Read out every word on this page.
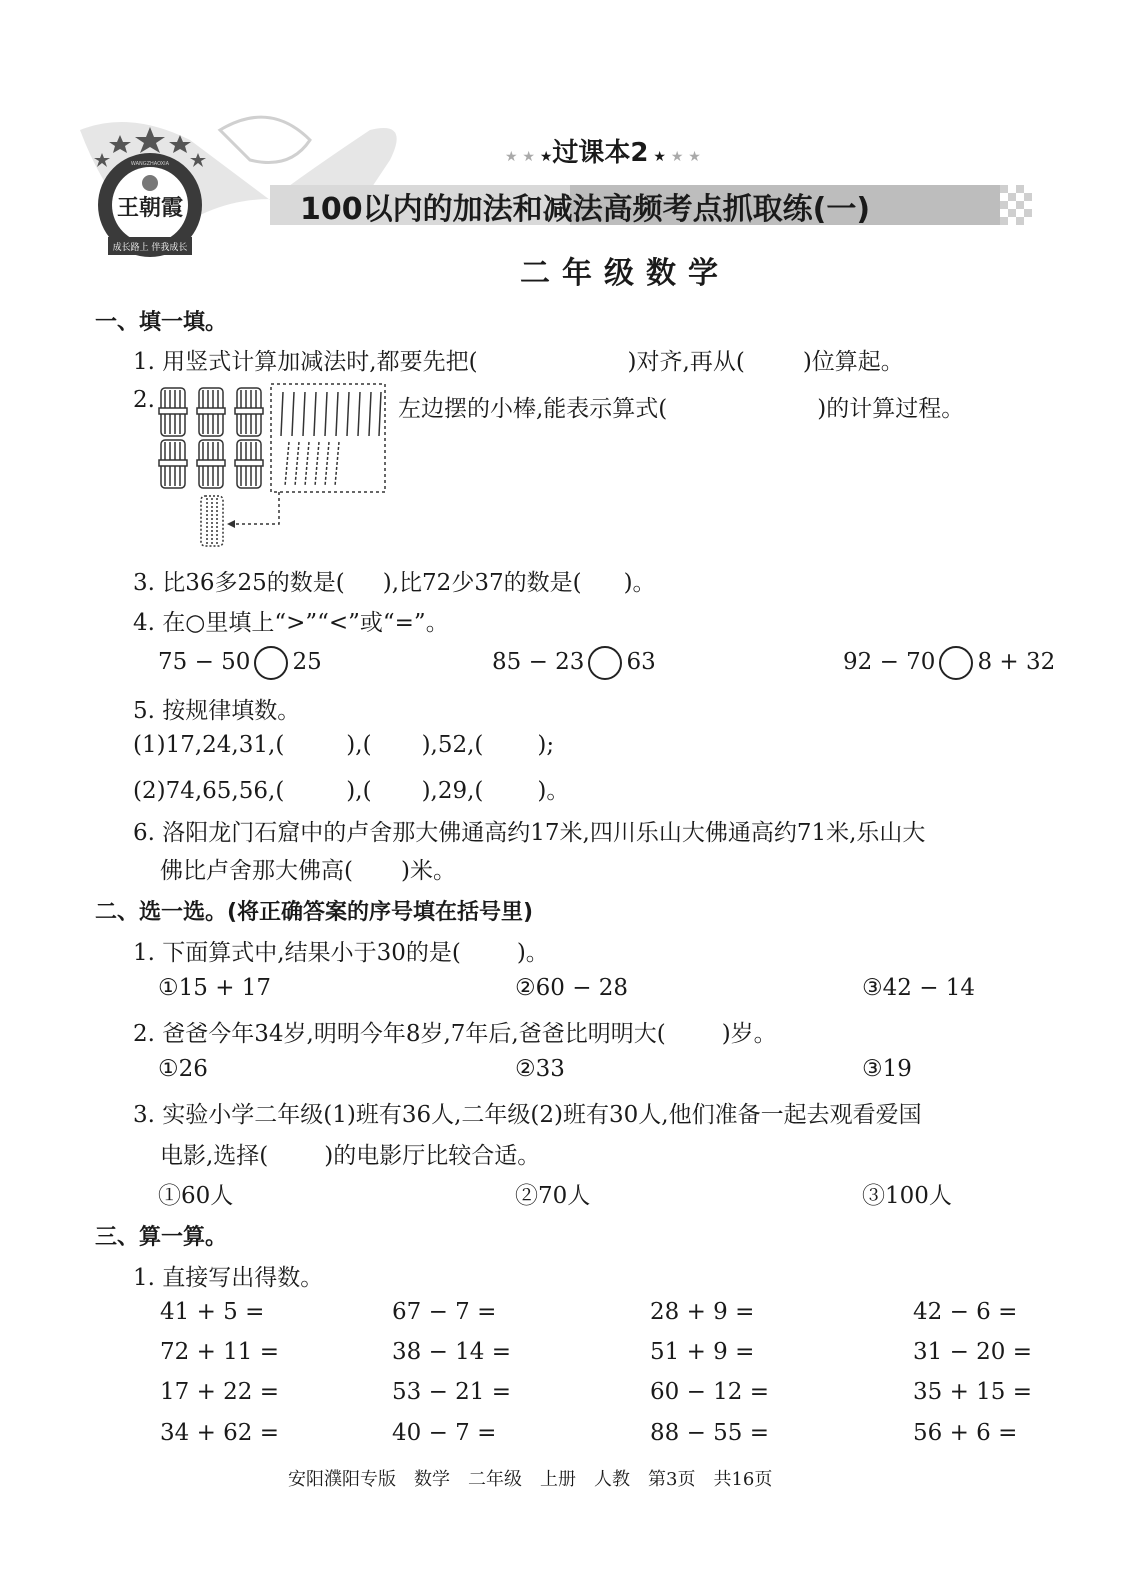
王朝霞
成长路上 伴我成长
WANGZHAOXIA	★ ★ ★过课本2 ★ ★ ★
100以内的加法和减法高频考点抓取练(一)
二年级数学
一、填一填。
1. 用竖式计算加减法时,都要先把(	)对齐,再从(	)位算起。
2.	左边摆的小棒,能表示算式(	)的计算过程。
3. 比36多25的数是( ),比72少37的数是( )。
4. 在○里填上“>”“<”或“=”。
75 − 50 25	85 − 23 63	92 − 70 8 + 32
5. 按规律填数。
(1)17,24,31,(	),( ),52,( );
(2)74,65,56,(	),( ),29,( )。
6. 洛阳龙门石窟中的卢舍那大佛通高约17米,四川乐山大佛通高约71米,乐山大
佛比卢舍那大佛高( )米。
二、选一选。(将正确答案的序号填在括号里)
1. 下面算式中,结果小于30的是( )。
①15 + 17	②60 − 28	③42 − 14
2. 爸爸今年34岁,明明今年8岁,7年后,爸爸比明明大( )岁。
①26	②33	③19
3. 实验小学二年级(1)班有36人,二年级(2)班有30人,他们准备一起去观看爱国
电影,选择( )的电影厅比较合适。
①60人	②70人	③100人
三、算一算。
1. 直接写出得数。
41 + 5 =	67 − 7 =	28 + 9 =	42 − 6 =
72 + 11 =	38 − 14 =	51 + 9 =	31 − 20 =
17 + 22 =	53 − 21 =	60 − 12 =	35 + 15 =
34 + 62 =	40 − 7 =	88 − 55 =	56 + 6 =
安阳濮阳专版　数学　二年级　上册　人教　第3页　共16页
